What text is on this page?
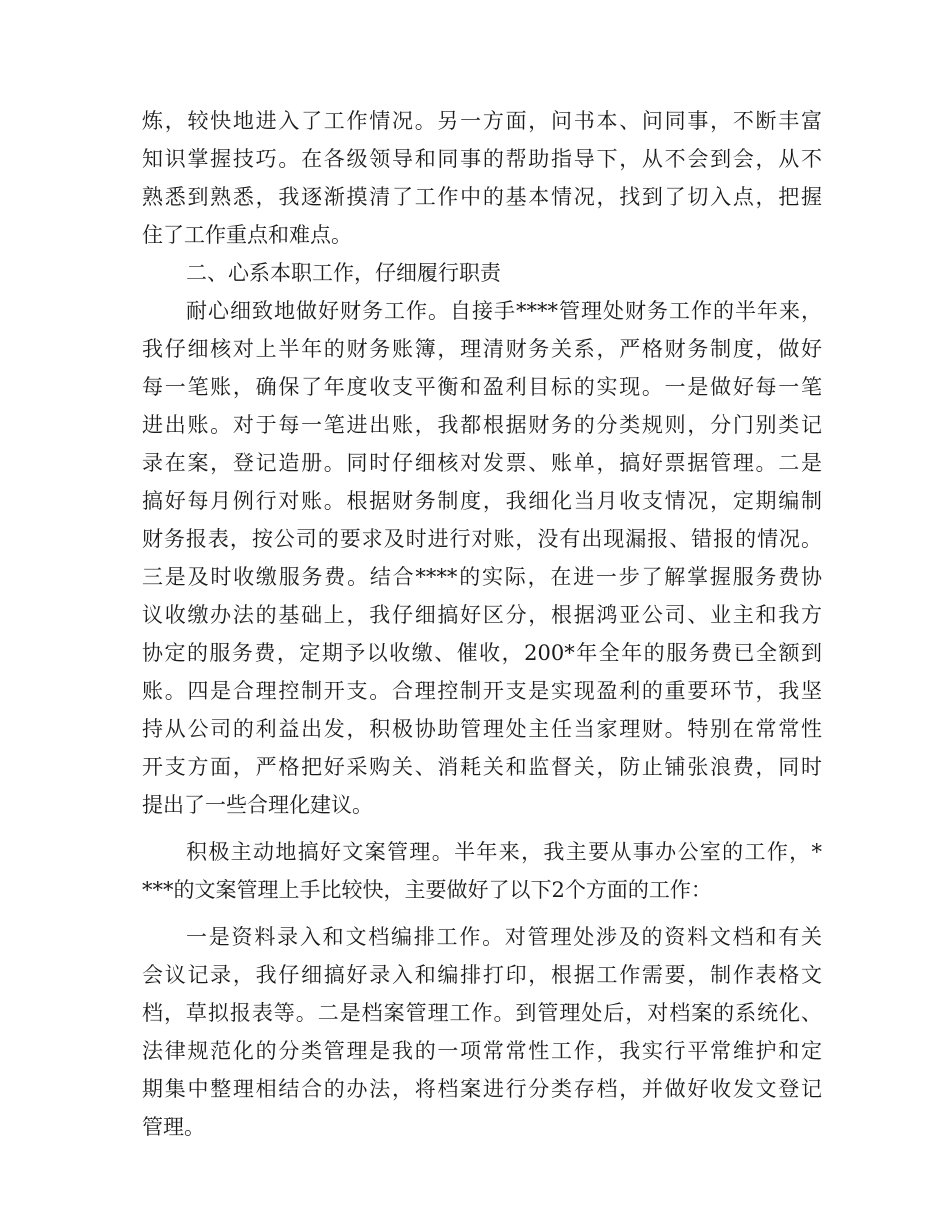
炼，较快地进入了工作情况。另一方面，问书本、问同事，不断丰富
知识掌握技巧。在各级领导和同事的帮助指导下，从不会到会，从不
熟悉到熟悉，我逐渐摸清了工作中的基本情况，找到了切入点，把握
住了工作重点和难点。
二、心系本职工作，仔细履行职责
耐心细致地做好财务工作。自接手****管理处财务工作的半年来，
我仔细核对上半年的财务账簿，理清财务关系，严格财务制度，做好
每一笔账，确保了年度收支平衡和盈利目标的实现。一是做好每一笔
进出账。对于每一笔进出账，我都根据财务的分类规则，分门别类记
录在案，登记造册。同时仔细核对发票、账单，搞好票据管理。二是
搞好每月例行对账。根据财务制度，我细化当月收支情况，定期编制
财务报表，按公司的要求及时进行对账，没有出现漏报、错报的情况。
三是及时收缴服务费。结合****的实际，在进一步了解掌握服务费协
议收缴办法的基础上，我仔细搞好区分，根据鸿亚公司、业主和我方
协定的服务费，定期予以收缴、催收，200*年全年的服务费已全额到
账。四是合理控制开支。合理控制开支是实现盈利的重要环节，我坚
持从公司的利益出发，积极协助管理处主任当家理财。特别在常常性
开支方面，严格把好采购关、消耗关和监督关，防止铺张浪费，同时
提出了一些合理化建议。
积极主动地搞好文案管理。半年来，我主要从事办公室的工作，*
***的文案管理上手比较快，主要做好了以下2个方面的工作：
一是资料录入和文档编排工作。对管理处涉及的资料文档和有关
会议记录，我仔细搞好录入和编排打印，根据工作需要，制作表格文
档，草拟报表等。二是档案管理工作。到管理处后，对档案的系统化、
法律规范化的分类管理是我的一项常常性工作，我实行平常维护和定
期集中整理相结合的办法，将档案进行分类存档，并做好收发文登记
管理。
